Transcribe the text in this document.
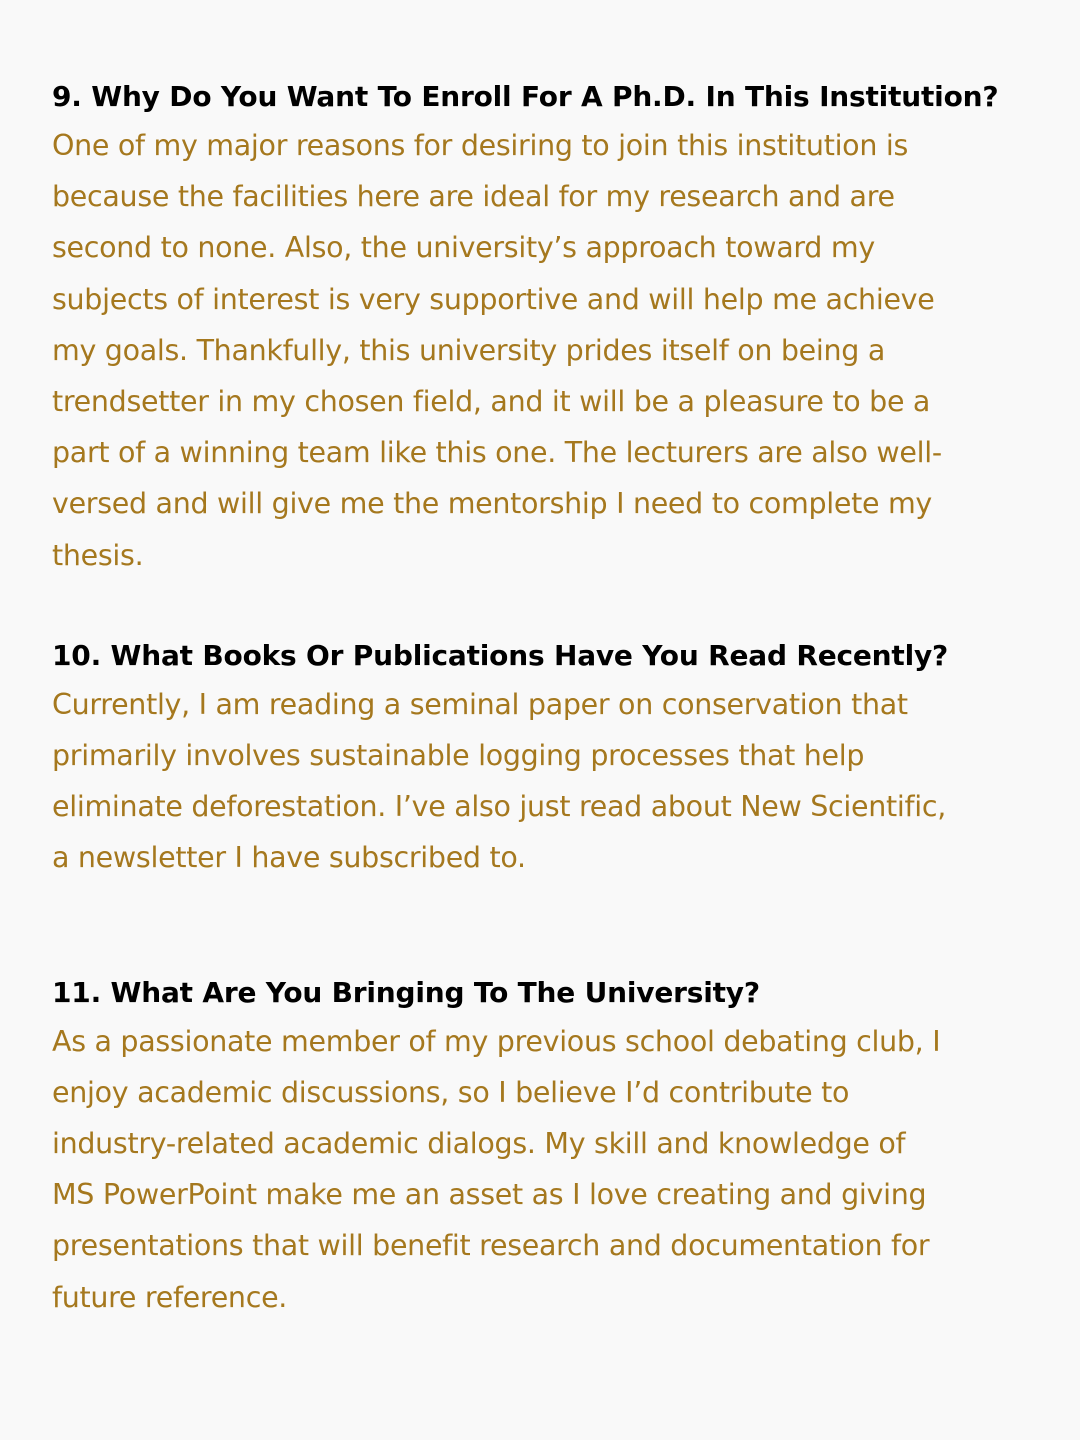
9. Why Do You Want To Enroll For A Ph.D. In This Institution?

One of my major reasons for desiring to join this institution is
because the facilities here are ideal for my research and are
second to none. Also, the university’s approach toward my
subjects of interest is very supportive and will help me achieve
my goals. Thankfully, this university prides itself on being a
trendsetter in my chosen field, and it will be a pleasure to be a
part of a winning team like this one. The lecturers are also well-
versed and will give me the mentorship I need to complete my
thesis.

10. What Books Or Publications Have You Read Recently?

Currently, I am reading a seminal paper on conservation that
primarily involves sustainable logging processes that help
eliminate deforestation. I’ve also just read about New Scientific,
a newsletter I have subscribed to.

11. What Are You Bringing To The University?

As a passionate member of my previous school debating club, I
enjoy academic discussions, so I believe I’d contribute to
industry-related academic dialogs. My skill and knowledge of
MS PowerPoint make me an asset as I love creating and giving
presentations that will benefit research and documentation for
future reference.
